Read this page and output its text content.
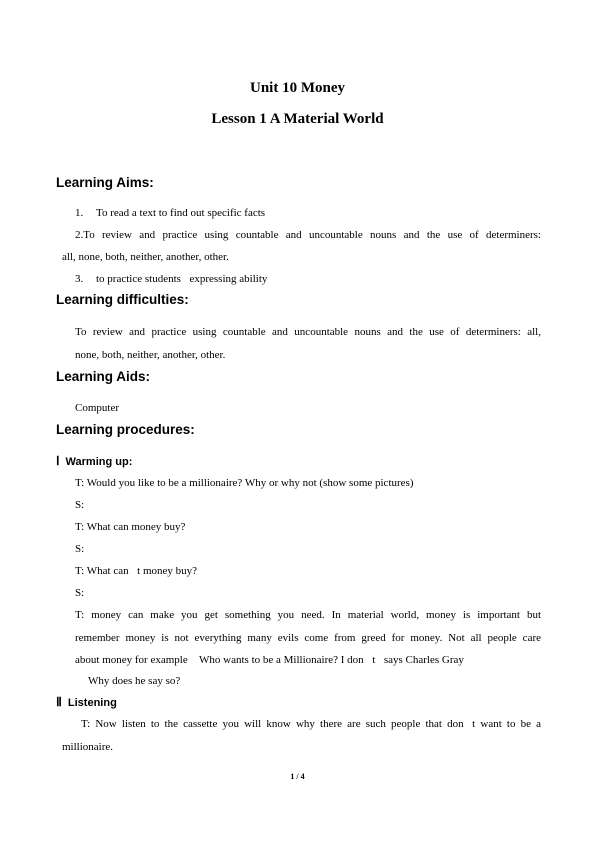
Unit 10 Money
Lesson 1 A Material World
Learning Aims:
1. To read a text to find out specific facts
2.To review and practice using countable and uncountable nouns and the use of determiners:
all, none, both, neither, another, other.
3. to practice students expressing ability
Learning difficulties:
To review and practice using countable and uncountable nouns and the use of determiners: all,
none, both, neither, another, other.
Learning Aids:
Computer
Learning procedures:
Ⅰ Warming up:
T: Would you like to be a millionaire? Why or why not (show some pictures)
S:
T: What can money buy?
S:
T: What can t money buy?
S:
T: money can make you get something you need. In material world, money is important but
remember money is not everything many evils come from greed for money. Not all people care
about money for example  Who wants to be a Millionaire? I don t says Charles Gray
Why does he say so?
Ⅱ Listening
T: Now listen to the cassette you will know why there are such people that don t want to be a
millionaire.
1 / 4
